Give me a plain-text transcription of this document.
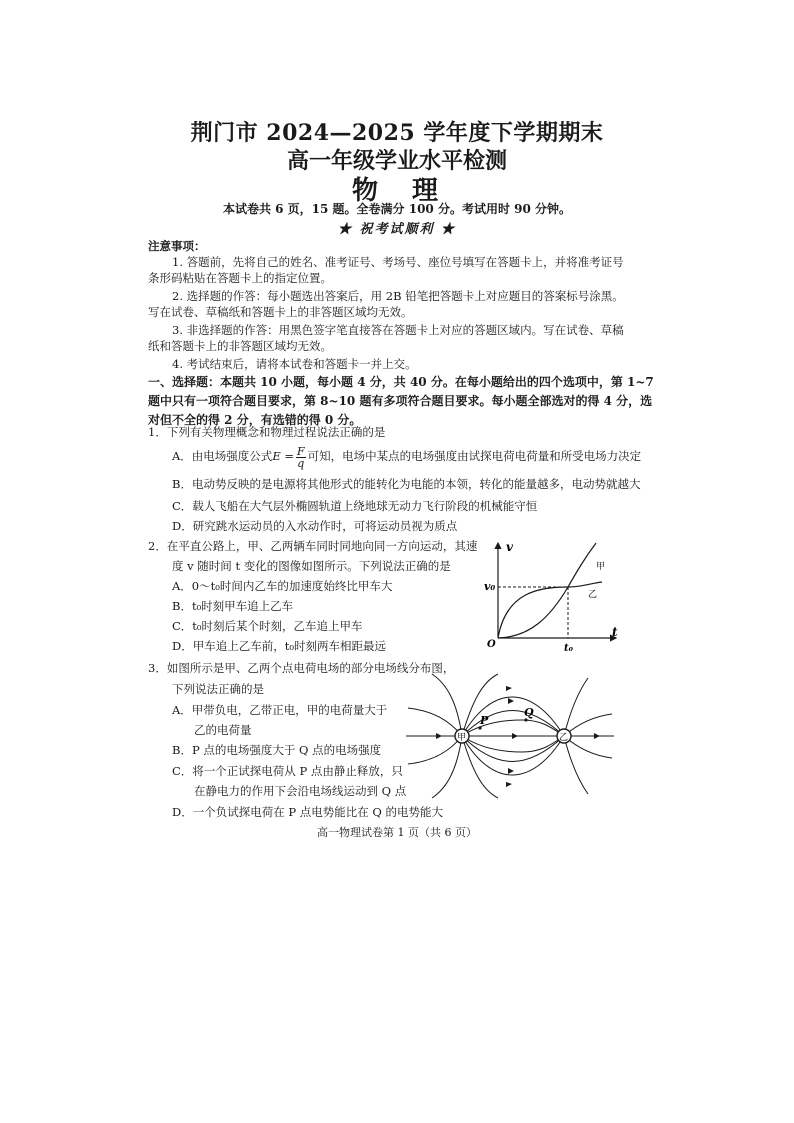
荆门市 2024—2025 学年度下学期期末
高一年级学业水平检测
物　理
本试卷共 6 页，15 题。全卷满分 100 分。考试用时 90 分钟。
★ 祝考试顺利 ★
注意事项：
1. 答题前，先将自己的姓名、准考证号、考场号、座位号填写在答题卡上，并将准考证号
条形码粘贴在答题卡上的指定位置。
2. 选择题的作答：每小题选出答案后，用 2B 铅笔把答题卡上对应题目的答案标号涂黑。
写在试卷、草稿纸和答题卡上的非答题区域均无效。
3. 非选择题的作答：用黑色签字笔直接答在答题卡上对应的答题区域内。写在试卷、草稿
纸和答题卡上的非答题区域均无效。
4. 考试结束后，请将本试卷和答题卡一并上交。
一、选择题：本题共 10 小题，每小题 4 分，共 40 分。在每小题给出的四个选项中，第 1~7
题中只有一项符合题目要求，第 8~10 题有多项符合题目要求。每小题全部选对的得 4 分，选
对但不全的得 2 分，有选错的得 0 分。
1．下列有关物理概念和物理过程说法正确的是
A．由电场强度公式$E = \frac{F}{q}$ 可知，电场中某点的电场强度由试探电荷电荷量和所受电场力决定
B．电动势反映的是电源将其他形式的能转化为电能的本领，转化的能量越多，电动势就越大
C．载人飞船在大气层外椭圆轨道上绕地球无动力飞行阶段的机械能守恒
D．研究跳水运动员的入水动作时，可将运动员视为质点
2．在平直公路上，甲、乙两辆车同时同地向同一方向运动，其速
度 v 随时间 t 变化的图像如图所示。下列说法正确的是
A．0～t₀时间内乙车的加速度始终比甲车大
B．t₀时刻甲车追上乙车
C．t₀时刻后某个时刻，乙车追上甲车
D．甲车追上乙车前，t₀时刻两车相距最远
v
t
v₀
O	t₀
甲
乙
3．如图所示是甲、乙两个点电荷电场的部分电场线分布图，
下列说法正确的是
A．甲带负电，乙带正电，甲的电荷量大于
乙的电荷量
B．P 点的电场强度大于 Q 点的电场强度
C．将一个正试探电荷从 P 点由静止释放，只
在静电力的作用下会沿电场线运动到 Q 点
D．一个负试探电荷在 P 点电势能比在 Q 的电势能大
甲	乙
P
Q
高一物理试卷第 1 页（共 6 页）
